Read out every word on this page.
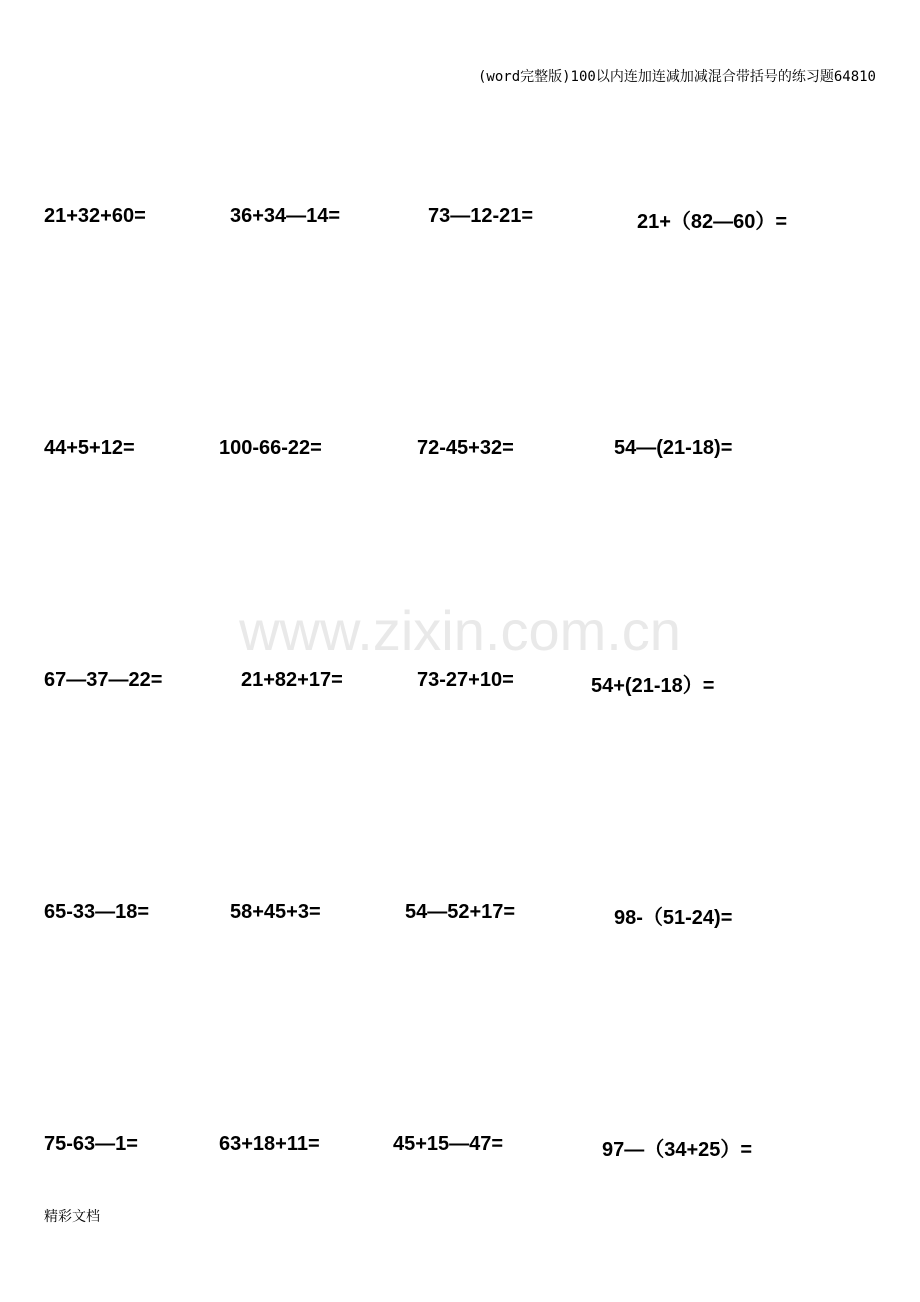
(word完整版)100以内连加连减加减混合带括号的练习题64810
www.zixin.com.cn
21+32+60=	36+34—14=	73—12-21=	21+（82—60）=
44+5+12=	100-66-22=	72-45+32=	54—(21-18)=
67—37—22=	21+82+17=	73-27+10=	54+(21-18）=
65-33—18=	58+45+3=	54—52+17=	98-（51-24)=
75-63—1=	63+18+11=	45+15—47=	97—（34+25）=
精彩文档
